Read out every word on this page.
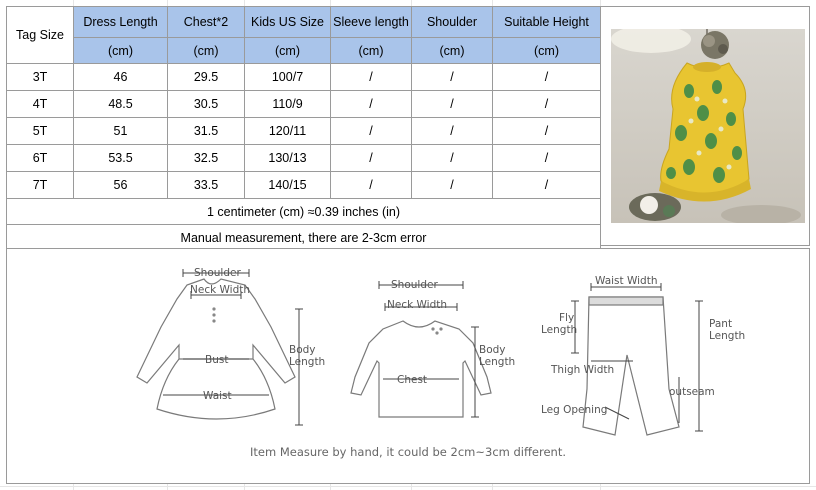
Tag Size	Dress Length	Chest*2	Kids US Size	Sleeve length	Shoulder	Suitable Height
	(cm)	(cm)	(cm)	(cm)	(cm)	(cm)
3T	46	29.5	100/7	/	/	/
4T	48.5	30.5	110/9	/	/	/
5T	51	31.5	120/11	/	/	/
6T	53.5	32.5	130/13	/	/	/
7T	56	33.5	140/15	/	/	/
1 centimeter (cm) ≈0.39 inches (in)						
Manual measurement, there are 2-3cm error						
Shoulder
Neck Width
Bust
Waist
Body
Length
Shoulder
Neck Width
Chest
Body
Length
Waist Width
Fly
Length	Pant
Length
Thigh Width
outseam
Leg Opening
Item Measure by hand, it could be 2cm~3cm different.
